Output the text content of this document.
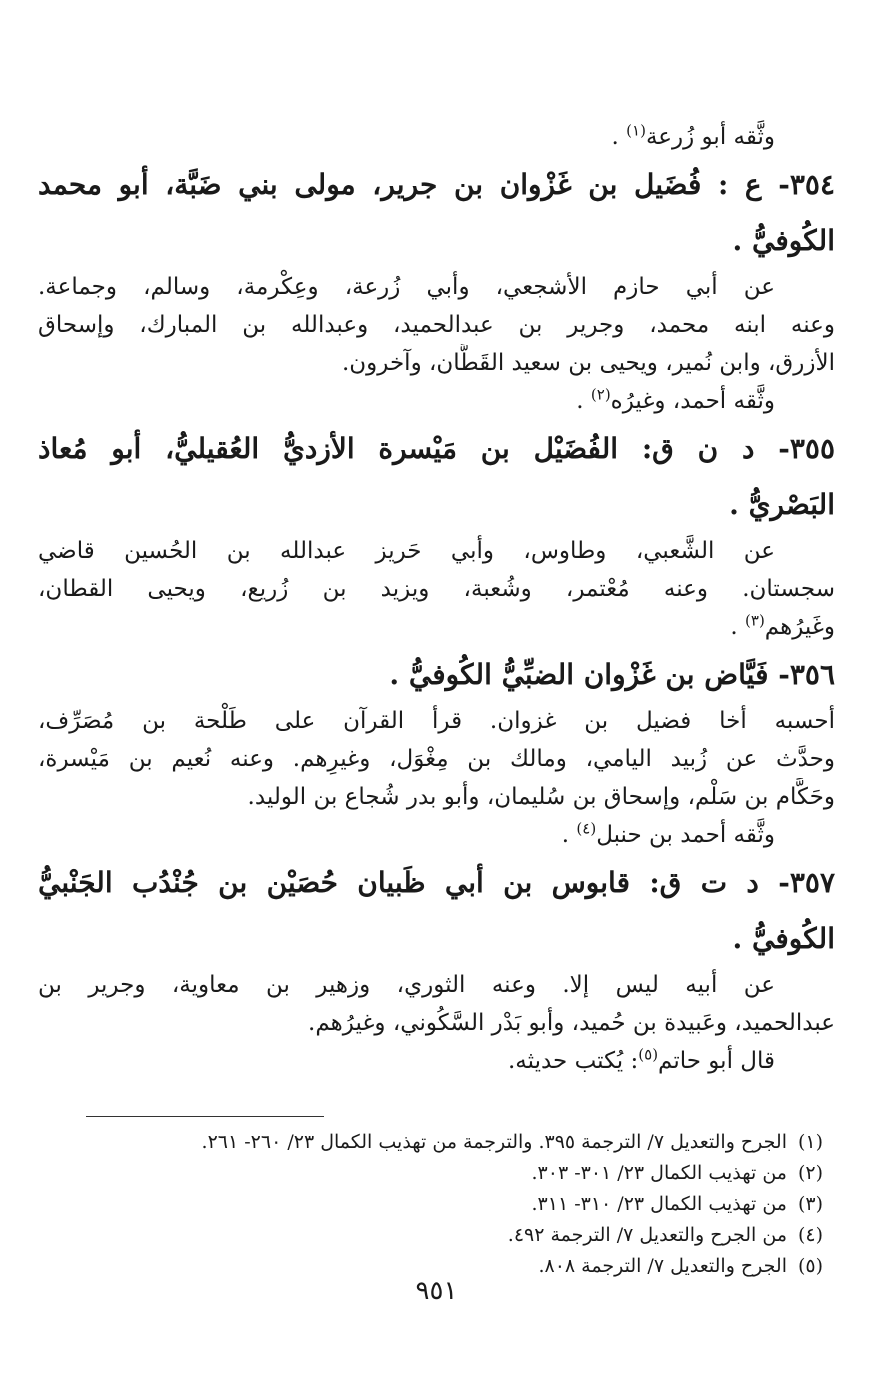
وثَّقه أبو زُرعة$^{(١)}$ .
٣٥٤- ع : فُضَيل بن غَزْوان بن جرير، مولى بني ضَبَّة، أبو محمد
الكُوفيُّ .
عن أبي حازم الأشجعي، وأبي زُرعة، وعِكْرمة، وسالم، وجماعة.
وعنه ابنه محمد، وجرير بن عبدالحميد، وعبدالله بن المبارك، وإسحاق
الأزرق، وابن نُمير، ويحيى بن سعيد القَطَّان، وآخرون.
وثَّقه أحمد، وغيرُه$^{(٢)}$ .
٣٥٥- د ن ق: الفُضَيْل بن مَيْسرة الأزديُّ العُقيليُّ، أبو مُعاذ
البَصْريُّ .
عن الشَّعبي، وطاوس، وأبي حَريز عبدالله بن الحُسين قاضي
سجستان. وعنه مُعْتمر، وشُعبة، ويزيد بن زُريع، ويحيى القطان،
وغَيرُهم$^{(٣)}$ .
٣٥٦- فَيَّاض بن غَزْوان الضبِّيُّ الكُوفيُّ .
أحسبه أخا فضيل بن غزوان. قرأ القرآن على طَلْحة بن مُصَرِّف،
وحدَّث عن زُبيد اليامي، ومالك بن مِغْوَل، وغيرِهم. وعنه نُعيم بن مَيْسرة،
وحَكَّام بن سَلْم، وإسحاق بن سُليمان، وأبو بدر شُجاع بن الوليد.
وثَّقه أحمد بن حنبل$^{(٤)}$ .
٣٥٧- د ت ق: قابوس بن أبي ظَبيان حُصَيْن بن جُنْدُب الجَنْبيُّ
الكُوفيُّ .
عن أبيه ليس إلا. وعنه الثوري، وزهير بن معاوية، وجرير بن
عبدالحميد، وعَبيدة بن حُميد، وأبو بَدْر السَّكُوني، وغيرُهم.
قال أبو حاتم$^{(٥)}$: يُكتب حديثه.
(١)الجرح والتعديل ٧/ الترجمة ٣٩٥. والترجمة من تهذيب الكمال ٢٣/ ٢٦٠- ٢٦١.
(٢)من تهذيب الكمال ٢٣/ ٣٠١- ٣٠٣.
(٣)من تهذيب الكمال ٢٣/ ٣١٠- ٣١١.
(٤)من الجرح والتعديل ٧/ الترجمة ٤٩٢.
(٥)الجرح والتعديل ٧/ الترجمة ٨٠٨.
٩٥١
